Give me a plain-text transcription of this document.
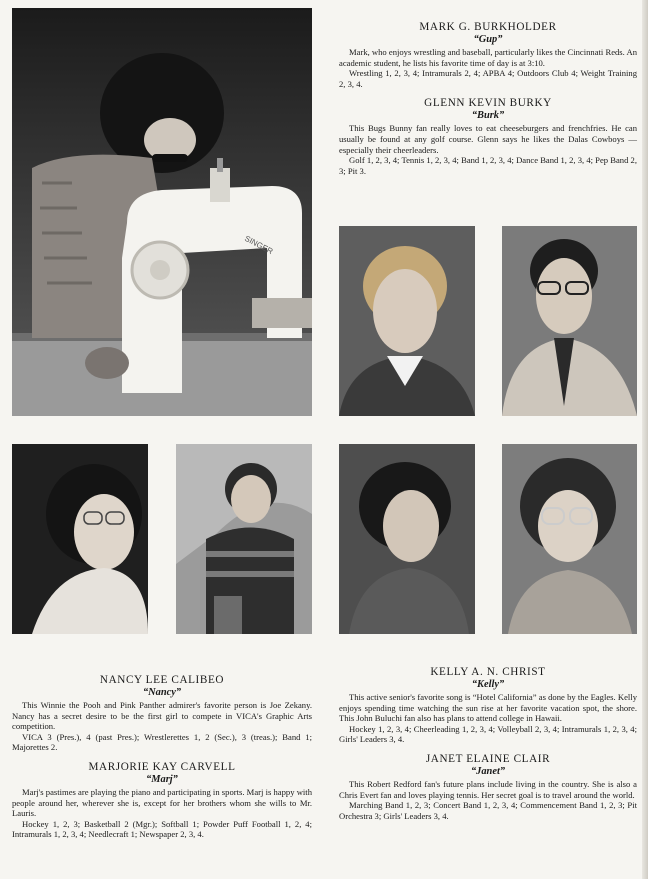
SINGER
MARK G. BURKHOLDER
“Gup”

Mark, who enjoys wrestling and baseball, particularly likes the Cincinnati Reds. An academic student, he lists his favorite time of day is at 3:10.

Wrestling 1, 2, 3, 4; Intramurals 2, 4; APBA 4; Outdoors Club 4; Weight Training 2, 3, 4.

GLENN KEVIN BURKY
“Burk”

This Bugs Bunny fan really loves to eat cheeseburgers and frenchfries. He can usually be found at any golf course. Glenn says he likes the Dalas Cowboys — especially their cheerleaders.

Golf 1, 2, 3, 4; Tennis 1, 2, 3, 4; Band 1, 2, 3, 4; Dance Band 1, 2, 3, 4; Pep Band 2, 3; Pit 3.

NANCY LEE CALIBEO
“Nancy”

This Winnie the Pooh and Pink Panther admirer's favorite person is Joe Zekany. Nancy has a secret desire to be the first girl to compete in VICA's Graphic Arts competition.

VICA 3 (Pres.), 4 (past Pres.); Wrestlerettes 1, 2 (Sec.), 3 (treas.); Band 1; Majorettes 2.

MARJORIE KAY CARVELL
“Marj”

Marj's pastimes are playing the piano and participating in sports. Marj is happy with people around her, wherever she is, except for her brothers whom she wills to Mr. Lauris.

Hockey 1, 2, 3; Basketball 2 (Mgr.); Softball 1; Powder Puff Football 1, 2, 4; Intramurals 1, 2, 3, 4; Needlecraft 1; Newspaper 2, 3, 4.

KELLY A. N. CHRIST
“Kelly”

This active senior's favorite song is “Hotel California” as done by the Eagles. Kelly enjoys spending time watching the sun rise at her favorite vacation spot, the shore. This John Buluchi fan also has plans to attend college in Hawaii.

Hockey 1, 2, 3, 4; Cheerleading 1, 2, 3, 4; Volleyball 2, 3, 4; Intramurals 1, 2, 3, 4; Girls' Leaders 3, 4.

JANET ELAINE CLAIR
“Janet”

This Robert Redford fan's future plans include living in the country. She is also a Chris Evert fan and loves playing tennis. Her secret goal is to travel around the world.

Marching Band 1, 2, 3; Concert Band 1, 2, 3, 4; Commencement Band 1, 2, 3; Pit Orchestra 3; Girls' Leaders 3, 4.
